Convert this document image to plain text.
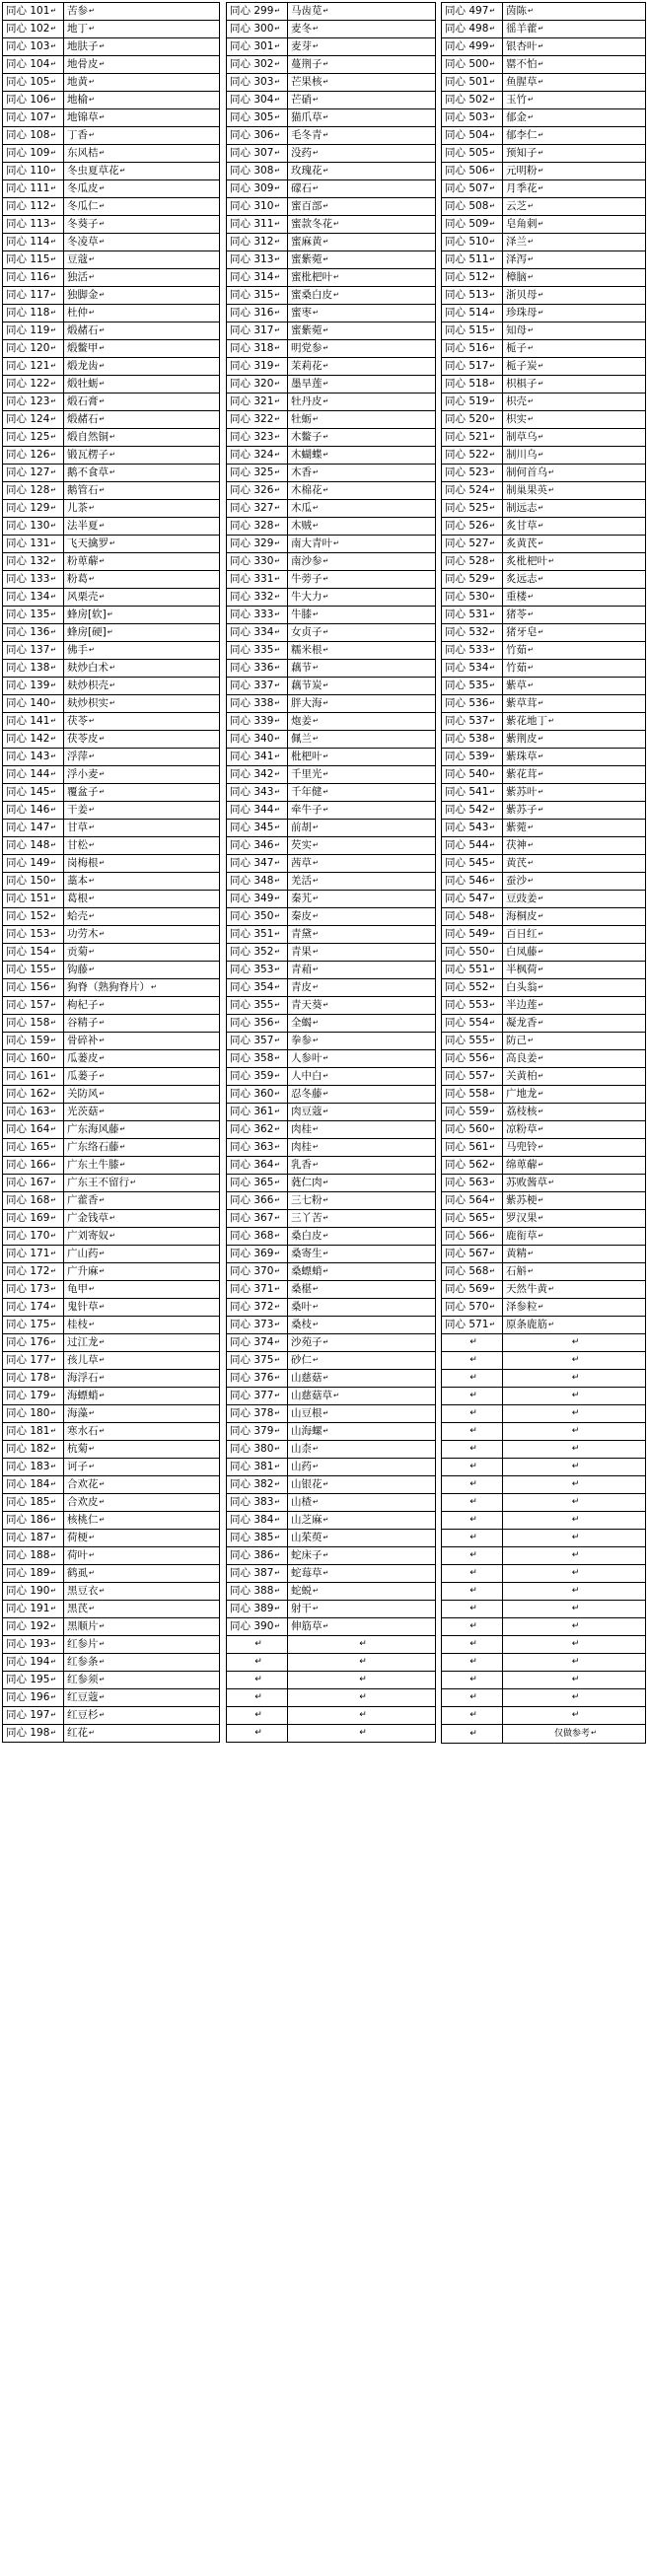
同心 101 ↵	苦参 ↵
同心 102 ↵	地丁 ↵
同心 103 ↵	地肤子 ↵
同心 104 ↵	地骨皮 ↵
同心 105 ↵	地黄 ↵
同心 106 ↵	地榆 ↵
同心 107 ↵	地锦草 ↵
同心 108 ↵	丁香 ↵
同心 109 ↵	东风桔 ↵
同心 110 ↵	冬虫夏草花 ↵
同心 111 ↵	冬瓜皮 ↵
同心 112 ↵	冬瓜仁 ↵
同心 113 ↵	冬葵子 ↵
同心 114 ↵	冬凌草 ↵
同心 115 ↵	豆蔻 ↵
同心 116 ↵	独活 ↵
同心 117 ↵	独脚金 ↵
同心 118 ↵	杜仲 ↵
同心 119 ↵	煅赭石 ↵
同心 120 ↵	煅鳖甲 ↵
同心 121 ↵	煅龙齿 ↵
同心 122 ↵	煅牡蛎 ↵
同心 123 ↵	煅石膏 ↵
同心 124 ↵	煅赭石 ↵
同心 125 ↵	煅自然铜 ↵
同心 126 ↵	锻瓦楞子 ↵
同心 127 ↵	鹅不食草 ↵
同心 128 ↵	鹅管石 ↵
同心 129 ↵	儿茶 ↵
同心 130 ↵	法半夏 ↵
同心 131 ↵	飞天擒罗 ↵
同心 132 ↵	粉萆薢 ↵
同心 133 ↵	粉葛 ↵
同心 134 ↵	风栗壳 ↵
同心 135 ↵	蜂房[软] ↵
同心 136 ↵	蜂房[硬] ↵
同心 137 ↵	佛手 ↵
同心 138 ↵	麸炒白术 ↵
同心 139 ↵	麸炒枳壳 ↵
同心 140 ↵	麸炒枳实 ↵
同心 141 ↵	茯苓 ↵
同心 142 ↵	茯苓皮 ↵
同心 143 ↵	浮萍 ↵
同心 144 ↵	浮小麦 ↵
同心 145 ↵	覆盆子 ↵
同心 146 ↵	干姜 ↵
同心 147 ↵	甘草 ↵
同心 148 ↵	甘松 ↵
同心 149 ↵	岗梅根 ↵
同心 150 ↵	藁本 ↵
同心 151 ↵	葛根 ↵
同心 152 ↵	蛤壳 ↵
同心 153 ↵	功劳木 ↵
同心 154 ↵	贡菊 ↵
同心 155 ↵	钩藤 ↵
同心 156 ↵	狗脊（熟狗脊片） ↵
同心 157 ↵	枸杞子 ↵
同心 158 ↵	谷精子 ↵
同心 159 ↵	骨碎补 ↵
同心 160 ↵	瓜蒌皮 ↵
同心 161 ↵	瓜蒌子 ↵
同心 162 ↵	关防风 ↵
同心 163 ↵	光茨菇 ↵
同心 164 ↵	广东海风藤 ↵
同心 165 ↵	广东络石藤 ↵
同心 166 ↵	广东土牛膝 ↵
同心 167 ↵	广东王不留行 ↵
同心 168 ↵	广藿香 ↵
同心 169 ↵	广金钱草 ↵
同心 170 ↵	广刘寄奴 ↵
同心 171 ↵	广山药 ↵
同心 172 ↵	广升麻 ↵
同心 173 ↵	龟甲 ↵
同心 174 ↵	鬼针草 ↵
同心 175 ↵	桂枝 ↵
同心 176 ↵	过江龙 ↵
同心 177 ↵	孩儿草 ↵
同心 178 ↵	海浮石 ↵
同心 179 ↵	海螵蛸 ↵
同心 180 ↵	海藻 ↵
同心 181 ↵	寒水石 ↵
同心 182 ↵	杭菊 ↵
同心 183 ↵	诃子 ↵
同心 184 ↵	合欢花 ↵
同心 185 ↵	合欢皮 ↵
同心 186 ↵	核桃仁 ↵
同心 187 ↵	荷梗 ↵
同心 188 ↵	荷叶 ↵
同心 189 ↵	鹤虱 ↵
同心 190 ↵	黑豆衣 ↵
同心 191 ↵	黑芪 ↵
同心 192 ↵	黑顺片 ↵
同心 193 ↵	红参片 ↵
同心 194 ↵	红参条 ↵
同心 195 ↵	红参须 ↵
同心 196 ↵	红豆蔻 ↵
同心 197 ↵	红豆杉 ↵
同心 198 ↵	红花 ↵
同心 299 ↵	马齿苋 ↵
同心 300 ↵	麦冬 ↵
同心 301 ↵	麦芽 ↵
同心 302 ↵	蔓荆子 ↵
同心 303 ↵	芒果核 ↵
同心 304 ↵	芒硝 ↵
同心 305 ↵	猫爪草 ↵
同心 306 ↵	毛冬青 ↵
同心 307 ↵	没药 ↵
同心 308 ↵	玫瑰花 ↵
同心 309 ↵	礞石 ↵
同心 310 ↵	蜜百部 ↵
同心 311 ↵	蜜款冬花 ↵
同心 312 ↵	蜜麻黄 ↵
同心 313 ↵	蜜紫菀 ↵
同心 314 ↵	蜜枇杷叶 ↵
同心 315 ↵	蜜桑白皮 ↵
同心 316 ↵	蜜枣 ↵
同心 317 ↵	蜜紫菀 ↵
同心 318 ↵	明党参 ↵
同心 319 ↵	茉莉花 ↵
同心 320 ↵	墨旱莲 ↵
同心 321 ↵	牡丹皮 ↵
同心 322 ↵	牡蛎 ↵
同心 323 ↵	木鳖子 ↵
同心 324 ↵	木蝴蝶 ↵
同心 325 ↵	木香 ↵
同心 326 ↵	木棉花 ↵
同心 327 ↵	木瓜 ↵
同心 328 ↵	木贼 ↵
同心 329 ↵	南大青叶 ↵
同心 330 ↵	南沙参 ↵
同心 331 ↵	牛蒡子 ↵
同心 332 ↵	牛大力 ↵
同心 333 ↵	牛膝 ↵
同心 334 ↵	女贞子 ↵
同心 335 ↵	糯米根 ↵
同心 336 ↵	藕节 ↵
同心 337 ↵	藕节炭 ↵
同心 338 ↵	胖大海 ↵
同心 339 ↵	炮姜 ↵
同心 340 ↵	佩兰 ↵
同心 341 ↵	枇杷叶 ↵
同心 342 ↵	千里光 ↵
同心 343 ↵	千年健 ↵
同心 344 ↵	牵牛子 ↵
同心 345 ↵	前胡 ↵
同心 346 ↵	芡实 ↵
同心 347 ↵	茜草 ↵
同心 348 ↵	羌活 ↵
同心 349 ↵	秦艽 ↵
同心 350 ↵	秦皮 ↵
同心 351 ↵	青黛 ↵
同心 352 ↵	青果 ↵
同心 353 ↵	青葙 ↵
同心 354 ↵	青皮 ↵
同心 355 ↵	青天葵 ↵
同心 356 ↵	全蝎 ↵
同心 357 ↵	拳参 ↵
同心 358 ↵	人参叶 ↵
同心 359 ↵	人中白 ↵
同心 360 ↵	忍冬藤 ↵
同心 361 ↵	肉豆蔻 ↵
同心 362 ↵	肉桂 ↵
同心 363 ↵	肉桂 ↵
同心 364 ↵	乳香 ↵
同心 365 ↵	蕤仁肉 ↵
同心 366 ↵	三七粉 ↵
同心 367 ↵	三丫苦 ↵
同心 368 ↵	桑白皮 ↵
同心 369 ↵	桑寄生 ↵
同心 370 ↵	桑螵蛸 ↵
同心 371 ↵	桑椹 ↵
同心 372 ↵	桑叶 ↵
同心 373 ↵	桑枝 ↵
同心 374 ↵	沙苑子 ↵
同心 375 ↵	砂仁 ↵
同心 376 ↵	山慈菇 ↵
同心 377 ↵	山慈菇草 ↵
同心 378 ↵	山豆根 ↵
同心 379 ↵	山海螺 ↵
同心 380 ↵	山柰 ↵
同心 381 ↵	山药 ↵
同心 382 ↵	山银花 ↵
同心 383 ↵	山楂 ↵
同心 384 ↵	山芝麻 ↵
同心 385 ↵	山茱萸 ↵
同心 386 ↵	蛇床子 ↵
同心 387 ↵	蛇莓草 ↵
同心 388 ↵	蛇蜕 ↵
同心 389 ↵	射干 ↵
同心 390 ↵	伸筋草 ↵
↵	↵
↵	↵
↵	↵
↵	↵
↵	↵
↵	↵
同心 497 ↵	茵陈 ↵
同心 498 ↵	徭羊藿 ↵
同心 499 ↵	银杏叶 ↵
同心 500 ↵	罂不怕 ↵
同心 501 ↵	鱼腥草 ↵
同心 502 ↵	玉竹 ↵
同心 503 ↵	郁金 ↵
同心 504 ↵	郁李仁 ↵
同心 505 ↵	预知子 ↵
同心 506 ↵	元明粉 ↵
同心 507 ↵	月季花 ↵
同心 508 ↵	云芝 ↵
同心 509 ↵	皂角刺 ↵
同心 510 ↵	泽兰 ↵
同心 511 ↵	泽泻 ↵
同心 512 ↵	樟脑 ↵
同心 513 ↵	浙贝母 ↵
同心 514 ↵	珍珠母 ↵
同心 515 ↵	知母 ↵
同心 516 ↵	栀子 ↵
同心 517 ↵	栀子炭 ↵
同心 518 ↵	枳椇子 ↵
同心 519 ↵	枳壳 ↵
同心 520 ↵	枳实 ↵
同心 521 ↵	制草乌 ↵
同心 522 ↵	制川乌 ↵
同心 523 ↵	制何首乌 ↵
同心 524 ↵	制巢果英 ↵
同心 525 ↵	制远志 ↵
同心 526 ↵	炙甘草 ↵
同心 527 ↵	炙黄芪 ↵
同心 528 ↵	炙枇杷叶 ↵
同心 529 ↵	炙远志 ↵
同心 530 ↵	重楼 ↵
同心 531 ↵	猪苓 ↵
同心 532 ↵	猪牙皂 ↵
同心 533 ↵	竹茹 ↵
同心 534 ↵	竹茹 ↵
同心 535 ↵	紫草 ↵
同心 536 ↵	紫草茸 ↵
同心 537 ↵	紫花地丁 ↵
同心 538 ↵	紫荆皮 ↵
同心 539 ↵	紫珠草 ↵
同心 540 ↵	紫花茸 ↵
同心 541 ↵	紫苏叶 ↵
同心 542 ↵	紫苏子 ↵
同心 543 ↵	紫菀 ↵
同心 544 ↵	茯神 ↵
同心 545 ↵	黄芪 ↵
同心 546 ↵	蚕沙 ↵
同心 547 ↵	豆豉姜 ↵
同心 548 ↵	海桐皮 ↵
同心 549 ↵	百日红 ↵
同心 550 ↵	白凤藤 ↵
同心 551 ↵	半枫荷 ↵
同心 552 ↵	白头翁 ↵
同心 553 ↵	半边莲 ↵
同心 554 ↵	凝龙香 ↵
同心 555 ↵	防己 ↵
同心 556 ↵	高良姜 ↵
同心 557 ↵	关黄柏 ↵
同心 558 ↵	广地龙 ↵
同心 559 ↵	荔枝核 ↵
同心 560 ↵	凉粉草 ↵
同心 561 ↵	马兜铃 ↵
同心 562 ↵	绵萆薢 ↵
同心 563 ↵	苏败酱草 ↵
同心 564 ↵	紫苏梗 ↵
同心 565 ↵	罗汉果 ↵
同心 566 ↵	鹿衔草 ↵
同心 567 ↵	黄精 ↵
同心 568 ↵	石斛 ↵
同心 569 ↵	天然牛黄 ↵
同心 570 ↵	泽参粒 ↵
同心 571 ↵	原条鹿筋 ↵
↵	↵
↵	↵
↵	↵
↵	↵
↵	↵
↵	↵
↵	↵
↵	↵
↵	↵
↵	↵
↵	↵
↵	↵
↵	↵
↵	↵
↵	↵
↵	↵
↵	↵
↵	↵
↵	↵
↵	↵
↵	↵
↵	↵
↵	仅做参考 ↵
